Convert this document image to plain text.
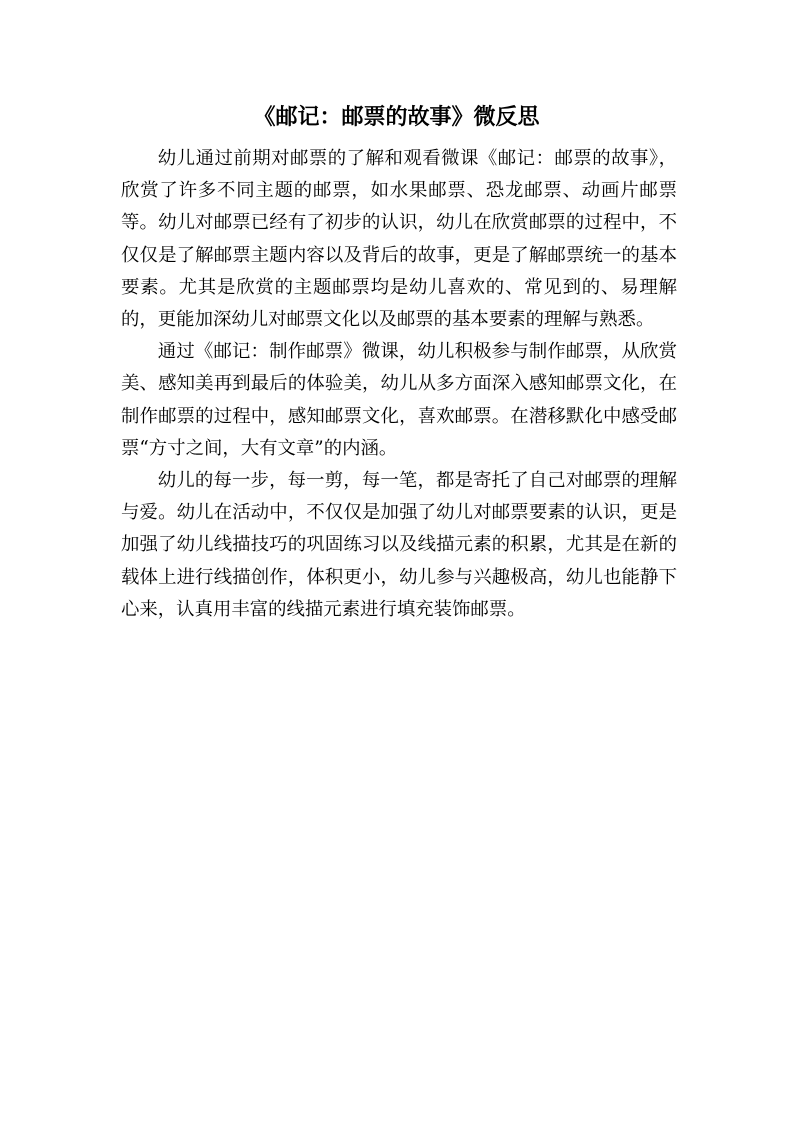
《邮记：邮票的故事》微反思

幼儿通过前期对邮票的了解和观看微课《邮记：邮票的故事》，欣赏了许多不同主题的邮票，如水果邮票、恐龙邮票、动画片邮票等。幼儿对邮票已经有了初步的认识，幼儿在欣赏邮票的过程中，不仅仅是了解邮票主题内容以及背后的故事，更是了解邮票统一的基本要素。尤其是欣赏的主题邮票均是幼儿喜欢的、常见到的、易理解的，更能加深幼儿对邮票文化以及邮票的基本要素的理解与熟悉。

通过《邮记：制作邮票》微课，幼儿积极参与制作邮票，从欣赏美、感知美再到最后的体验美，幼儿从多方面深入感知邮票文化，在制作邮票的过程中，感知邮票文化，喜欢邮票。在潜移默化中感受邮票“方寸之间，大有文章”的内涵。

幼儿的每一步，每一剪，每一笔，都是寄托了自己对邮票的理解与爱。幼儿在活动中，不仅仅是加强了幼儿对邮票要素的认识，更是加强了幼儿线描技巧的巩固练习以及线描元素的积累，尤其是在新的载体上进行线描创作，体积更小，幼儿参与兴趣极高，幼儿也能静下心来，认真用丰富的线描元素进行填充装饰邮票。
